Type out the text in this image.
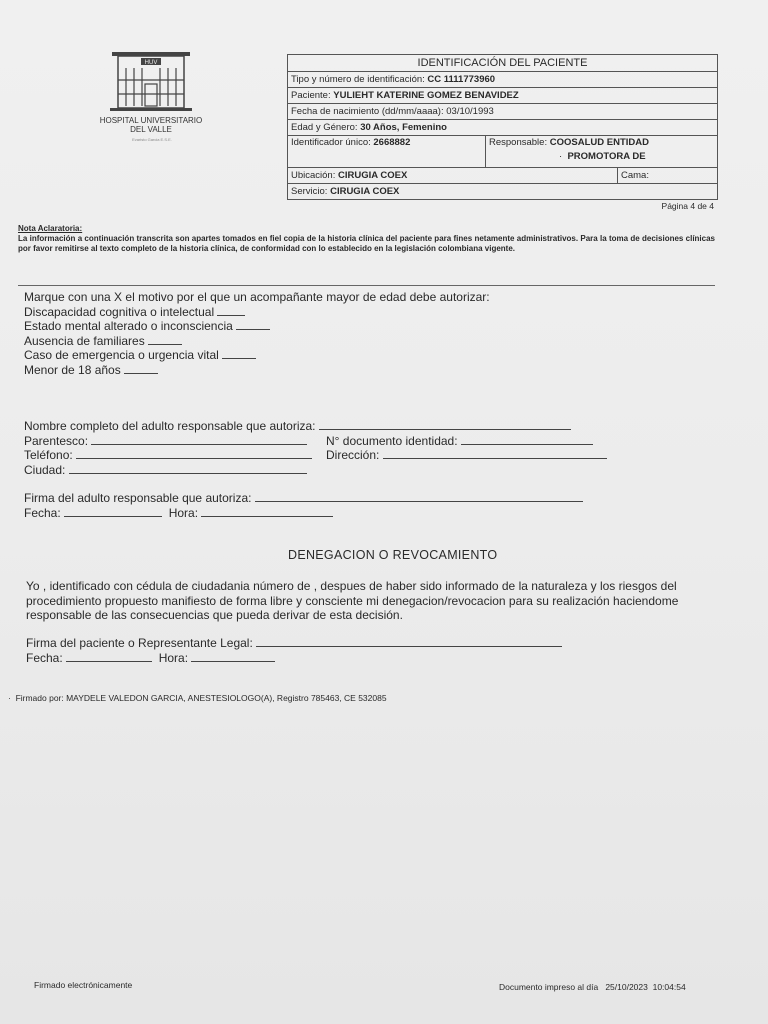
HUV
HOSPITAL UNIVERSITARIO
DEL VALLE
Evaristo Garcia E.S.E.
IDENTIFICACIÓN DEL PACIENTE
Tipo y número de identificación: CC 1111773960
Paciente: YULIEHT KATERINE GOMEZ BENAVIDEZ
Fecha de nacimiento (dd/mm/aaaa): 03/10/1993
Edad y Género: 30 Años, Femenino
Identificador único: 2668882	Responsable: COOSALUD ENTIDAD
·  PROMOTORA DE
Ubicación: CIRUGIA COEX	Cama:
Servicio: CIRUGIA COEX
Página 4 de 4
Nota Aclaratoria:

La información a continuación transcrita son apartes tomados en fiel copia de la historia clínica del paciente para fines netamente administrativos. Para la toma de decisiones clínicas por favor remitirse al texto completo de la historia clínica, de conformidad con lo establecido en la legislación colombiana vigente.

Marque con una X el motivo por el que un acompañante mayor de edad debe autorizar:
Discapacidad cognitiva o intelectual
Estado mental alterado o inconsciencia
Ausencia de familiares
Caso de emergencia o urgencia vital
Menor de 18 años
Nombre completo del adulto responsable que autoriza:
Parentesco:	N° documento identidad:
Teléfono:	Dirección:
Ciudad:
Firma del adulto responsable que autoriza:
Fecha:	Hora:
DENEGACION O REVOCAMIENTO
Yo , identificado con cédula de ciudadania número de , despues de haber sido informado de la naturaleza y los riesgos del procedimiento propuesto manifiesto de forma libre y consciente mi denegacion/revocacion para su realización haciendome responsable de las consecuencias que pueda derivar de esta decisión.
Firma del paciente o Representante Legal:
Fecha:	Hora:
·  Firmado por: MAYDELE VALEDON GARCIA, ANESTESIOLOGO(A), Registro 785463, CE 532085
Firmado electrónicamente	Documento impreso al día 25/10/2023 10:04:54
